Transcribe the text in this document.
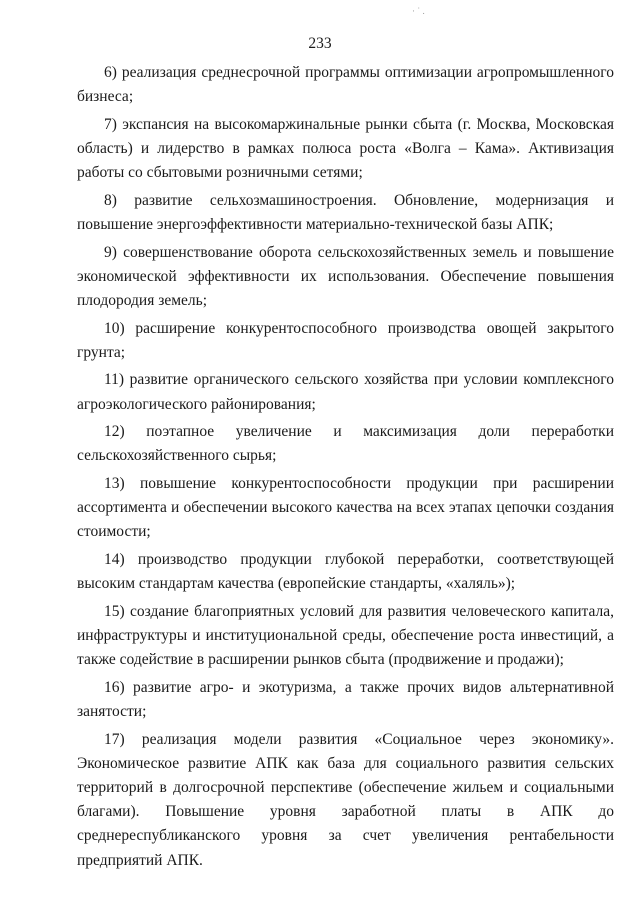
· ˙ .
233

6) реализация среднесрочной программы оптимизации агропромышленного бизнеса;

7) экспансия на высокомаржинальные рынки сбыта (г. Москва, Московская область) и лидерство в рамках полюса роста «Волга – Кама». Активизация работы со сбытовыми розничными сетями;

8) развитие сельхозмашиностроения. Обновление, модернизация и повышение энергоэффективности материально-технической базы АПК;

9) совершенствование оборота сельскохозяйственных земель и повышение экономической эффективности их использования. Обеспечение повышения плодородия земель;

10) расширение конкурентоспособного производства овощей закрытого грунта;

11) развитие органического сельского хозяйства при условии комплексного агроэкологического районирования;

12) поэтапное увеличение и максимизация доли переработки сельскохозяйственного сырья;

13) повышение конкурентоспособности продукции при расширении ассортимента и обеспечении высокого качества на всех этапах цепочки создания стоимости;

14) производство продукции глубокой переработки, соответствующей высоким стандартам качества (европейские стандарты, «халяль»);

15) создание благоприятных условий для развития человеческого капитала, инфраструктуры и институциональной среды, обеспечение роста инвестиций, а также содействие в расширении рынков сбыта (продвижение и продажи);

16) развитие агро- и экотуризма, а также прочих видов альтернативной занятости;

17) реализация модели развития «Социальное через экономику». Экономическое развитие АПК как база для социального развития сельских территорий в долгосрочной перспективе (обеспечение жильем и социальными благами). Повышение уровня заработной платы в АПК до среднереспубликанского уровня за счет увеличения рентабельности предприятий АПК.
